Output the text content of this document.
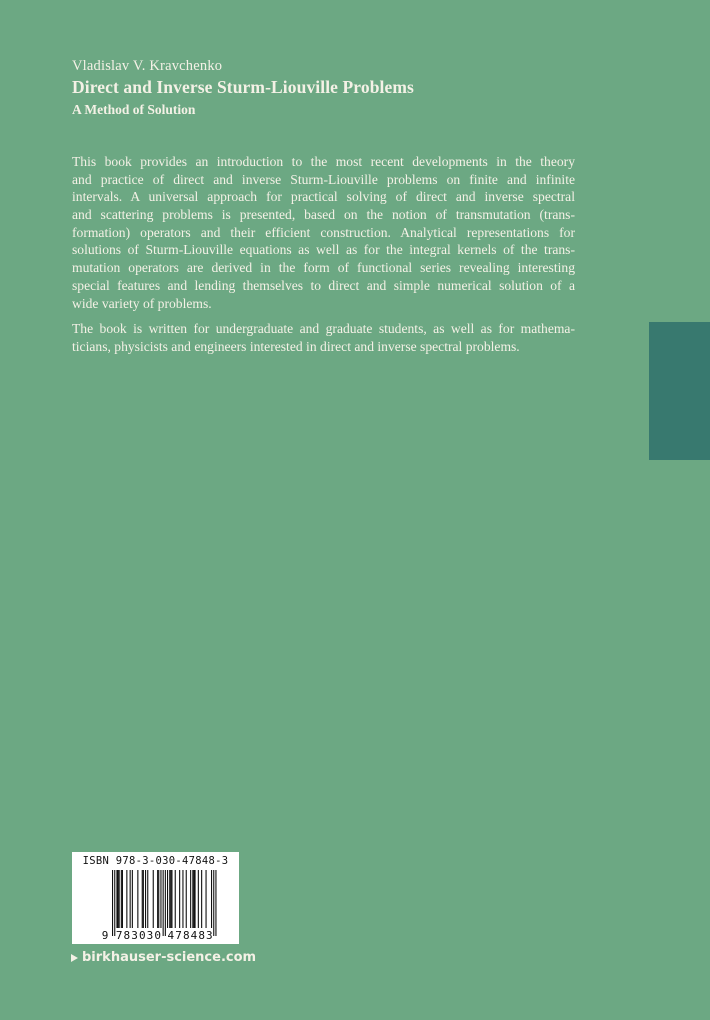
Vladislav V. Kravchenko
Direct and Inverse Sturm-Liouville Problems
A Method of Solution
This book provides an introduction to the most recent developments in the theory
and practice of direct and inverse Sturm-Liouville problems on finite and infinite
intervals. A universal approach for practical solving of direct and inverse spectral
and scattering problems is presented, based on the notion of transmutation (trans-
formation) operators and their efficient construction. Analytical representations for
solutions of Sturm-Liouville equations as well as for the integral kernels of the trans-
mutation operators are derived in the form of functional series revealing interesting
special features and lending themselves to direct and simple numerical solution of a
wide variety of problems.
The book is written for undergraduate and graduate students, as well as for mathema-
ticians, physicists and engineers interested in direct and inverse spectral problems.
ISBN 978-3-030-47848-3
9 7 8 3 0 3 0 4 7 8 4 8 3
birkhauser-science.com
